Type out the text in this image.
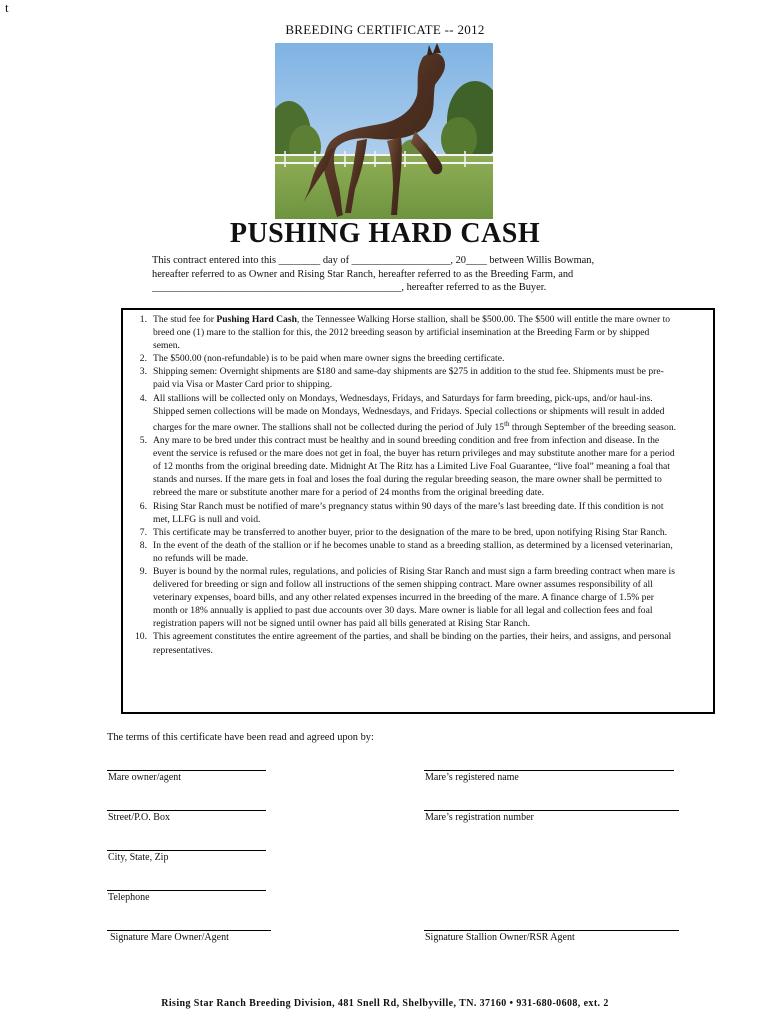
t
BREEDING CERTIFICATE -- 2012
PUSHING HARD CASH
This contract entered into this ________ day of ___________________, 20____ between Willis Bowman,
hereafter referred to as Owner and Rising Star Ranch, hereafter referred to as the Breeding Farm, and
________________________________________________, hereafter referred to as the Buyer.
1 . The stud fee for Pushing Hard Cash, the Tennessee Walking Horse stallion, shall be $500.00. The $500 will entitle the mare owner to breed one (1) mare to the stallion for this, the 2012 breeding season by artificial insemination at the Breeding Farm or by shipped semen.
2 . The $500.00 (non-refundable) is to be paid when mare owner signs the breeding certificate.
3 . Shipping semen: Overnight shipments are $180 and same-day shipments are $275 in addition to the stud fee. Shipments must be pre-paid via Visa or Master Card prior to shipping.
4 . All stallions will be collected only on Mondays, Wednesdays, Fridays, and Saturdays for farm breeding, pick-ups, and/or haul-ins. Shipped semen collections will be made on Mondays, Wednesdays, and Fridays. Special collections or shipments will result in added charges for the mare owner. The stallions shall not be collected during the period of July 15th through September of the breeding season.
5 . Any mare to be bred under this contract must be healthy and in sound breeding condition and free from infection and disease. In the event the service is refused or the mare does not get in foal, the buyer has return privileges and may substitute another mare for a period of 12 months from the original breeding date. Midnight At The Ritz has a Limited Live Foal Guarantee, “live foal” meaning a foal that stands and nurses. If the mare gets in foal and loses the foal during the regular breeding season, the mare owner shall be permitted to rebreed the mare or substitute another mare for a period of 24 months from the original breeding date.
6 . Rising Star Ranch must be notified of mare’s pregnancy status within 90 days of the mare’s last breeding date. If this condition is not met, LLFG is null and void.
7 . This certificate may be transferred to another buyer, prior to the designation of the mare to be bred, upon notifying Rising Star Ranch.
8 . In the event of the death of the stallion or if he becomes unable to stand as a breeding stallion, as determined by a licensed veterinarian, no refunds will be made.
9 . Buyer is bound by the normal rules, regulations, and policies of Rising Star Ranch and must sign a farm breeding contract when mare is delivered for breeding or sign and follow all instructions of the semen shipping contract. Mare owner assumes responsibility of all veterinary expenses, board bills, and any other related expenses incurred in the breeding of the mare. A finance charge of 1.5% per month or 18% annually is applied to past due accounts over 30 days. Mare owner is liable for all legal and collection fees and foal registration papers will not be signed until owner has paid all bills generated at Rising Star Ranch.
10 . This agreement constitutes the entire agreement of the parties, and shall be binding on the parties, their heirs, and assigns, and personal representatives.
The terms of this certificate have been read and agreed upon by:
Mare owner/agent
Street/P.O. Box
City, State, Zip
Telephone
Signature Mare Owner/Agent
Mare’s registered name
Mare’s registration number
Signature Stallion Owner/RSR Agent
Rising Star Ranch Breeding Division, 481 Snell Rd, Shelbyville, TN. 37160 • 931-680-0608, ext. 2
